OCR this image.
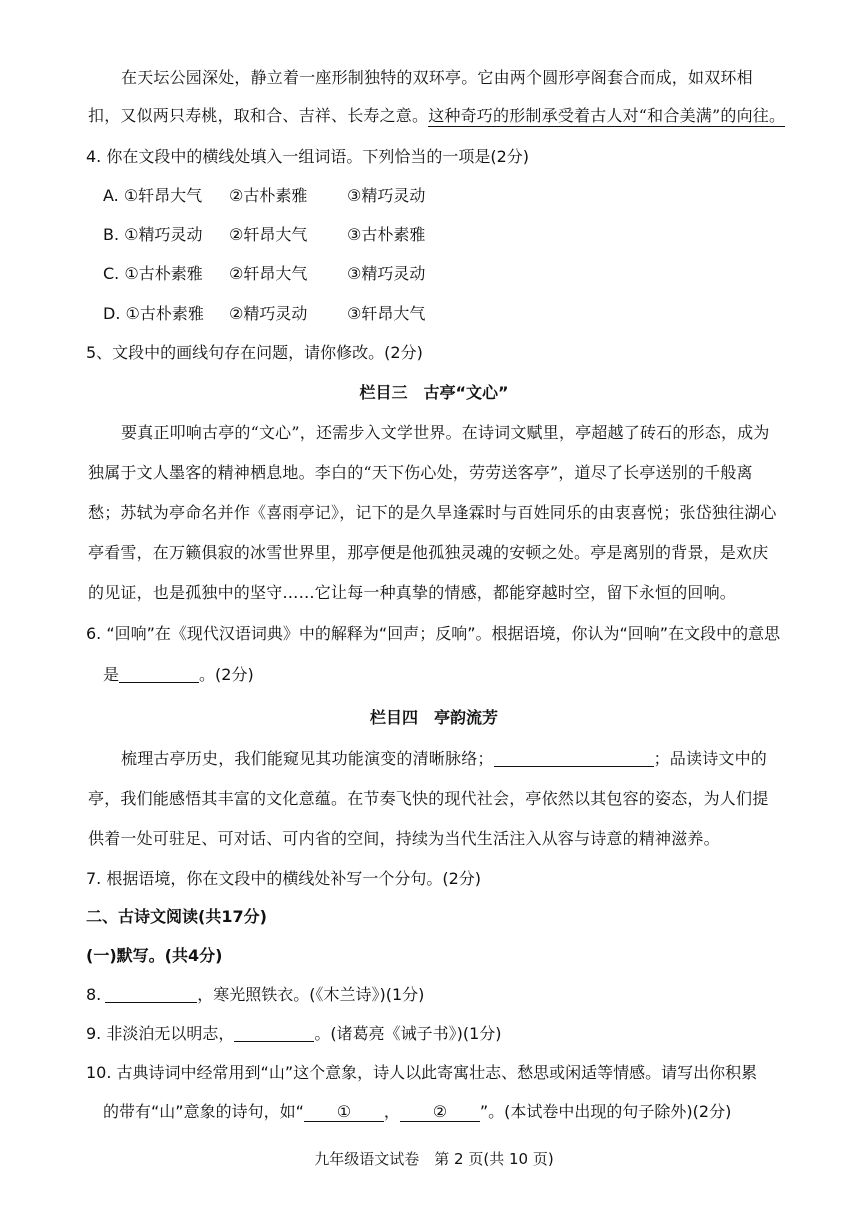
在天坛公园深处，静立着一座形制独特的双环亭。它由两个圆形亭阁套合而成，如双环相
扣，又似两只寿桃，取和合、吉祥、长寿之意。这种奇巧的形制承受着古人对“和合美满”的向往。
4. 你在文段中的横线处填入一组词语。下列恰当的一项是(2分)
A. ①轩昂大气 ②古朴素雅 ③精巧灵动
B. ①精巧灵动 ②轩昂大气 ③古朴素雅
C. ①古朴素雅 ②轩昂大气 ③精巧灵动
D. ①古朴素雅 ②精巧灵动 ③轩昂大气
5、文段中的画线句存在问题，请你修改。(2分)
栏目三　古亭“文心”
要真正叩响古亭的“文心”，还需步入文学世界。在诗词文赋里，亭超越了砖石的形态，成为
独属于文人墨客的精神栖息地。李白的“天下伤心处，劳劳送客亭”，道尽了长亭送别的千般离
愁；苏轼为亭命名并作《喜雨亭记》，记下的是久旱逢霖时与百姓同乐的由衷喜悦；张岱独往湖心
亭看雪，在万籁俱寂的冰雪世界里，那亭便是他孤独灵魂的安顿之处。亭是离别的背景，是欢庆
的见证，也是孤独中的坚守……它让每一种真挚的情感，都能穿越时空，留下永恒的回响。
6. “回响”在《现代汉语词典》中的解释为“回声；反响”。根据语境，你认为“回响”在文段中的意思
是	。(2分)
栏目四　亭韵流芳
梳理古亭历史，我们能窥见其功能演变的清晰脉络；	；品读诗文中的
亭，我们能感悟其丰富的文化意蕴。在节奏飞快的现代社会，亭依然以其包容的姿态，为人们提
供着一处可驻足、可对话、可内省的空间，持续为当代生活注入从容与诗意的精神滋养。
7. 根据语境，你在文段中的横线处补写一个分句。(2分)
二、古诗文阅读(共17分)
(一)默写。(共4分)
8.	，寒光照铁衣。(《木兰诗》)(1分)
9. 非淡泊无以明志，	。(诸葛亮《诫子书》)(1分)
10. 古典诗词中经常用到“山”这个意象，诗人以此寄寓壮志、愁思或闲适等情感。请写出你积累
的带有“山”意象的诗句，如“ ① ， ② ”。(本试卷中出现的句子除外)(2分)
九年级语文试卷　第 2 页(共 10 页)
